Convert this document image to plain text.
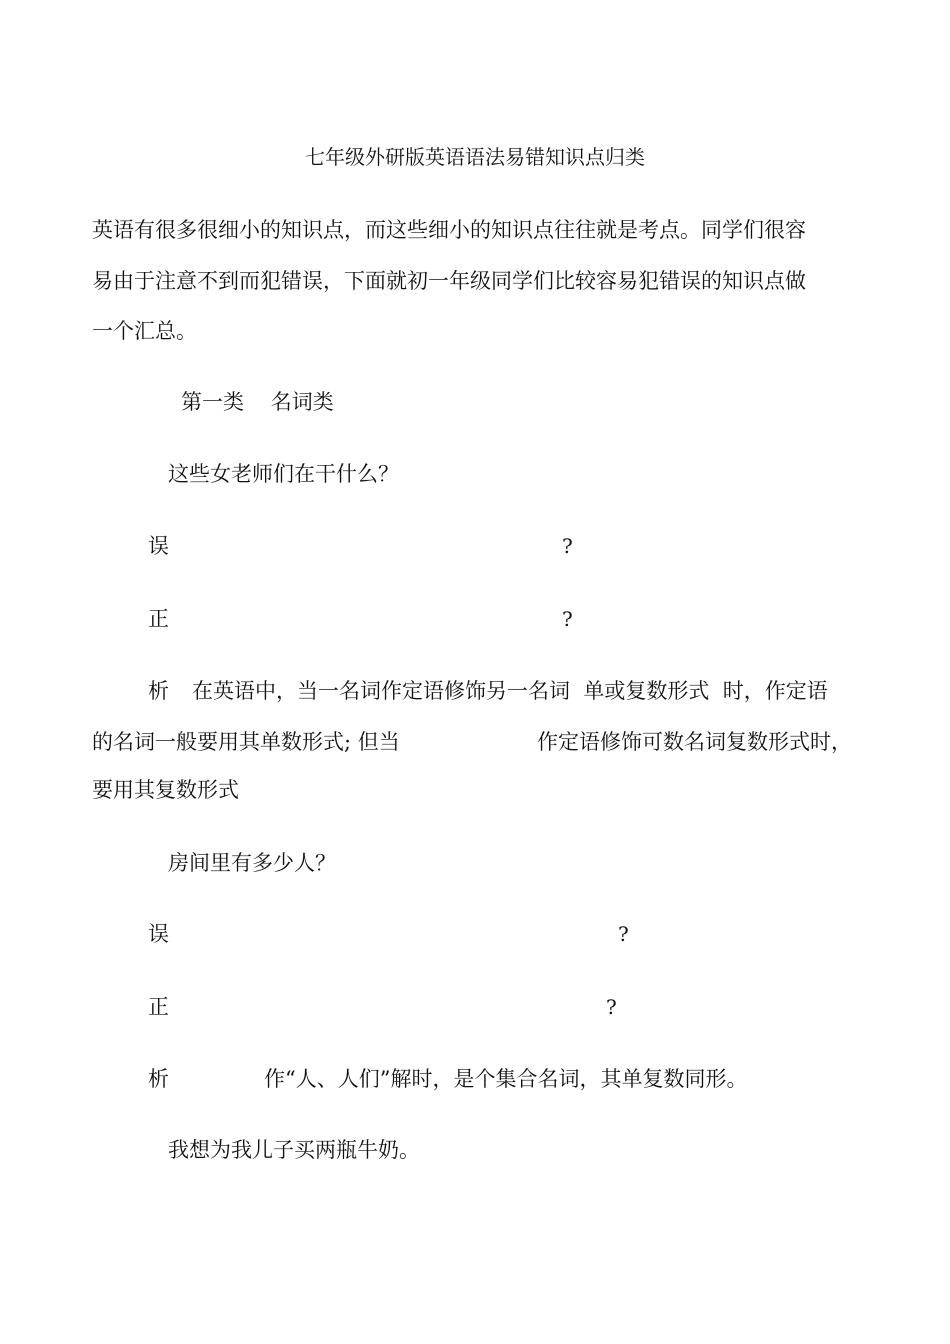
七年级外研版英语语法易错知识点归类
英语有很多很细小的知识点，而这些细小的知识点往往就是考点。同学们很容
易由于注意不到而犯错误，下面就初一年级同学们比较容易犯错误的知识点做
一个汇总。
第一类    名词类
这些女老师们在干什么？
误	?
正	?
析 在英语中，当一名词作定语修饰另一名词  单或复数形式  时，作定语
的名词一般要用其单数形式; 但当	作定语修饰可数名词复数形式时，
要用其复数形式
房间里有多少人？
误	?
正	?
析	作“人、人们”解时，是个集合名词，其单复数同形。
我想为我儿子买两瓶牛奶。
